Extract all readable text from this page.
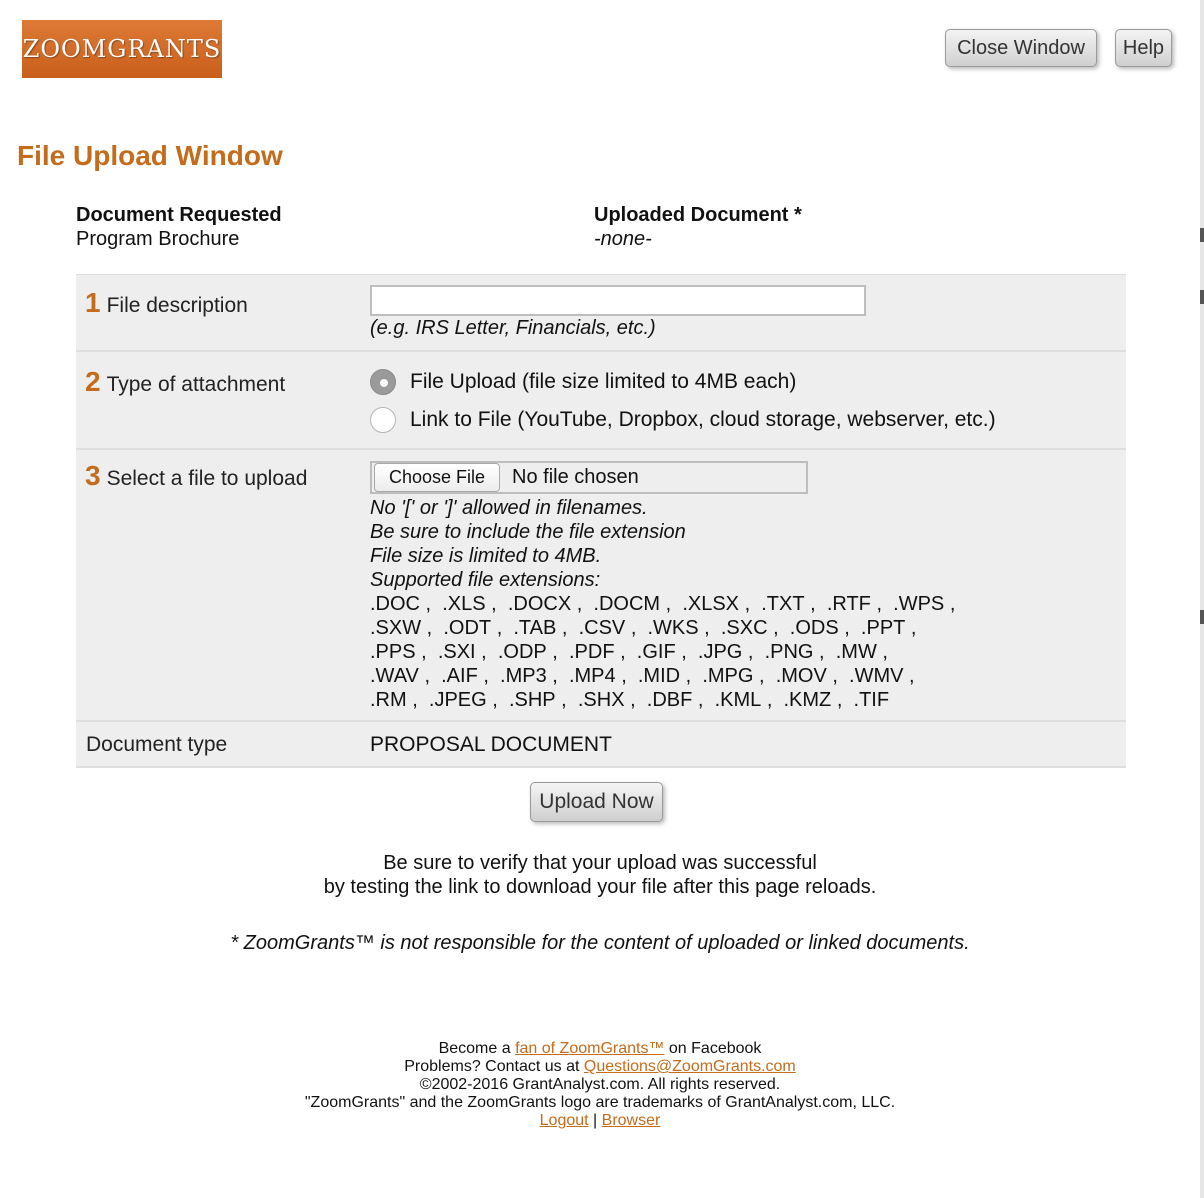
ZOOMGRANTS	Close Window Help
File Upload Window
Document Requested
Program Brochure
Uploaded Document *
-none-
1 File description
(e.g. IRS Letter, Financials, etc.)
2 Type of attachment	File Upload (file size limited to 4MB each)
Link to File (YouTube, Dropbox, cloud storage, webserver, etc.)
3 Select a file to upload	Choose File	No file chosen
No '[' or ']' allowed in filenames.
Be sure to include the file extension
File size is limited to 4MB.
Supported file extensions:
.DOC ,  .XLS ,  .DOCX ,  .DOCM ,  .XLSX ,  .TXT ,  .RTF ,  .WPS ,
.SXW ,  .ODT ,  .TAB ,  .CSV ,  .WKS ,  .SXC ,  .ODS ,  .PPT ,
.PPS ,  .SXI ,  .ODP ,  .PDF ,  .GIF ,  .JPG ,  .PNG ,  .MW ,
.WAV ,  .AIF ,  .MP3 ,  .MP4 ,  .MID ,  .MPG ,  .MOV ,  .WMV ,
.RM ,  .JPEG ,  .SHP ,  .SHX ,  .DBF ,  .KML ,  .KMZ ,  .TIF
Document type	PROPOSAL DOCUMENT
Upload Now
Be sure to verify that your upload was successful
by testing the link to download your file after this page reloads.
* ZoomGrants™ is not responsible for the content of uploaded or linked documents.
Become a fan of ZoomGrants™ on Facebook
Problems? Contact us at Questions@ZoomGrants.com
©2002-2016 GrantAnalyst.com. All rights reserved.
"ZoomGrants" and the ZoomGrants logo are trademarks of GrantAnalyst.com, LLC.
Logout | Browser
